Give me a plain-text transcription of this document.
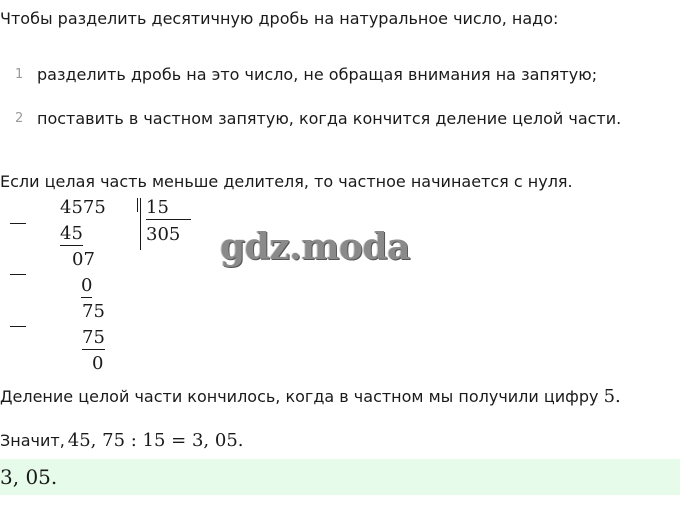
Чтобы разделить десятичную дробь на натуральное число, надо:
1 разделить дробь на это число, не обращая внимания на запятую;
2 поставить в частном запятую, когда кончится деление целой части.
Если целая часть меньше делителя, то частное начинается с нуля.
4575
45
07
0
75
75
0
15
305 gdz.moda
Деление целой части кончилось, когда в частном мы получили цифру
5.
Значит, 45, 75 : 15 = 3, 05.
3, 05.
